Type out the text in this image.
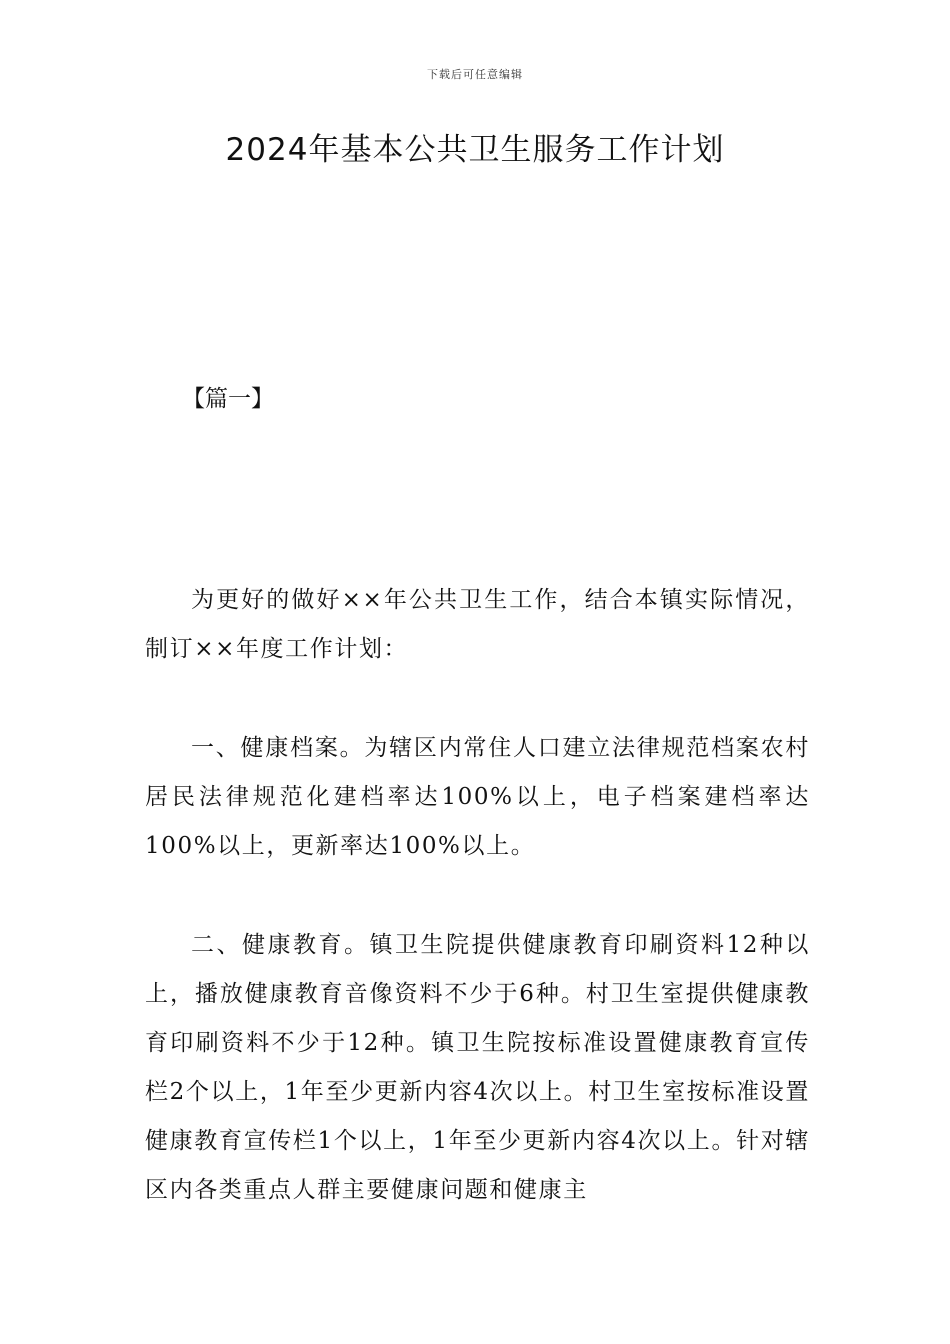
下载后可任意编辑
2024年基本公共卫生服务工作计划

【篇一】

为更好的做好××年公共卫生工作，结合本镇实际情况，制订××年度工作计划：

一、健康档案。为辖区内常住人口建立法律规范档案农村居民法律规范化建档率达100%以上，电子档案建档率达100%以上，更新率达100%以上。

二、健康教育。镇卫生院提供健康教育印刷资料12种以上，播放健康教育音像资料不少于6种。村卫生室提供健康教育印刷资料不少于12种。镇卫生院按标准设置健康教育宣传栏2个以上，1年至少更新内容4次以上。村卫生室按标准设置健康教育宣传栏1个以上，1年至少更新内容4次以上。针对辖区内各类重点人群主要健康问题和健康主
